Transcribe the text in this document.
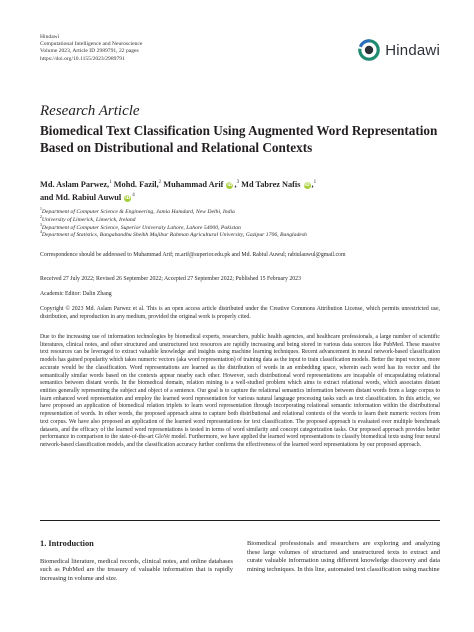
Hindawi
Computational Intelligence and Neuroscience
Volume 2023, Article ID 2989791, 22 pages
https://doi.org/10.1155/2023/2989791
Hindawi
Research Article
Biomedical Text Classification Using Augmented Word Representation Based on Distributional and Relational Contexts
Md. Aslam Parwez,$^1$ Mohd. Fazil,$^2$ Muhammad Arif iD ,$^3$ Md Tabrez Nafis iD ,$^1$
and Md. Rabiul Auwul iD $^4$
$^1$Department of Computer Science & Engineering, Jamia Hamdard, New Delhi, India
$^2$University of Limerick, Limerick, Ireland
$^3$Department of Computer Science, Superior University Lahore, Lahore 54000, Pakistan
$^4$Department of Statistics, Bangabandhu Sheikh Mujibur Rahman Agricultural University, Gazipur 1706, Bangladesh
Correspondence should be addressed to Muhammad Arif; m.arif@superior.edu.pk and Md. Rabiul Auwul; rabiulauwul@gmail.com
Received 27 July 2022; Revised 26 September 2022; Accepted 27 September 2022; Published 15 February 2023
Academic Editor: Dalin Zhang
Copyright © 2023 Md. Aslam Parwez et al. This is an open access article distributed under the Creative Commons Attribution License, which permits unrestricted use, distribution, and reproduction in any medium, provided the original work is properly cited.
Due to the increasing use of information technologies by biomedical experts, researchers, public health agencies, and healthcare professionals, a large number of scientific literatures, clinical notes, and other structured and unstructured text resources are rapidly increasing and being stored in various data sources like PubMed. These massive text resources can be leveraged to extract valuable knowledge and insights using machine learning techniques. Recent advancement in neural network-based classification models has gained popularity which takes numeric vectors (aka word representation) of training data as the input to train classification models. Better the input vectors, more accurate would be the classification. Word representations are learned as the distribution of words in an embedding space, wherein each word has its vector and the semantically similar words based on the contexts appear nearby each other. However, such distributional word representations are incapable of encapsulating relational semantics between distant words. In the biomedical domain, relation mining is a well-studied problem which aims to extract relational words, which associates distant entities generally representing the subject and object of a sentence. Our goal is to capture the relational semantics information between distant words from a large corpus to learn enhanced word representation and employ the learned word representation for various natural language processing tasks such as text classification. In this article, we have proposed an application of biomedical relation triplets to learn word representation through incorporating relational semantic information within the distributional representation of words. In other words, the proposed approach aims to capture both distributional and relational contexts of the words to learn their numeric vectors from text corpus. We have also proposed an application of the learned word representations for text classification. The proposed approach is evaluated over multiple benchmark datasets, and the efficacy of the learned word representations is tested in terms of word similarity and concept categorization tasks. Our proposed approach provides better performance in comparison to the state-of-the-art GloVe model. Furthermore, we have applied the learned word representations to classify biomedical texts using four neural network-based classification models, and the classification accuracy further confirms the effectiveness of the learned word representations by our proposed approach.
1. Introduction
Biomedical literature, medical records, clinical notes, and online databases such as PubMed are the treasury of valuable information that is rapidly increasing in volume and size.
Biomedical professionals and researchers are exploring and analyzing these large volumes of structured and unstructured texts to extract and curate valuable information using different knowledge discovery and data mining techniques. In this line, automated text classification using machine
